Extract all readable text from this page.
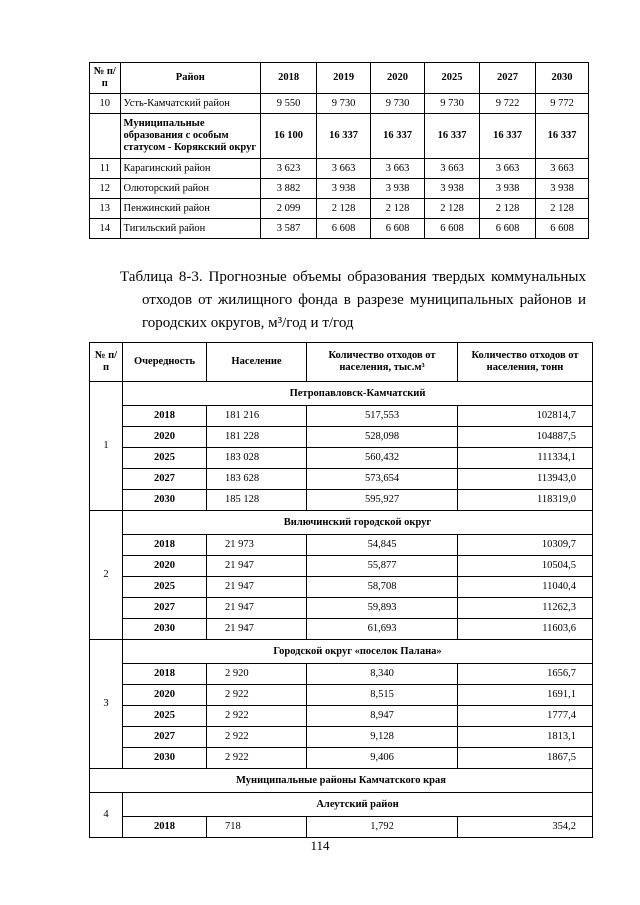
№ п/п	Район	2018	2019	2020	2025	2027	2030
10	Усть-Камчатский район	9 550	9 730	9 730	9 730	9 722	9 772
	Муниципальные образования с особым статусом - Корякский округ	16 100	16 337	16 337	16 337	16 337	16 337
11	Карагинский район	3 623	3 663	3 663	3 663	3 663	3 663
12	Олюторский район	3 882	3 938	3 938	3 938	3 938	3 938
13	Пенжинский район	2 099	2 128	2 128	2 128	2 128	2 128
14	Тигильский район	3 587	6 608	6 608	6 608	6 608	6 608
Таблица 8-3. Прогнозные объемы образования твердых коммунальных
отходов от жилищного фонда в разрезе муниципальных районов и
городских округов, м³/год и т/год
№ п/п	Очередность	Население	Количество отходов от населения, тыс.м³	Количество отходов от населения, тонн
1	Петропавловск-Камчатский			
	2018	181 216	517,553	102814,7
	2020	181 228	528,098	104887,5
	2025	183 028	560,432	111334,1
	2027	183 628	573,654	113943,0
	2030	185 128	595,927	118319,0
2	Вилючинский городской округ			
	2018	21 973	54,845	10309,7
	2020	21 947	55,877	10504,5
	2025	21 947	58,708	11040,4
	2027	21 947	59,893	11262,3
	2030	21 947	61,693	11603,6
3	Городской округ «поселок Палана»			
	2018	2 920	8,340	1656,7
	2020	2 922	8,515	1691,1
	2025	2 922	8,947	1777,4
	2027	2 922	9,128	1813,1
	2030	2 922	9,406	1867,5
Муниципальные районы Камчатского края				
4	Алеутский район			
	2018	718	1,792	354,2
114
